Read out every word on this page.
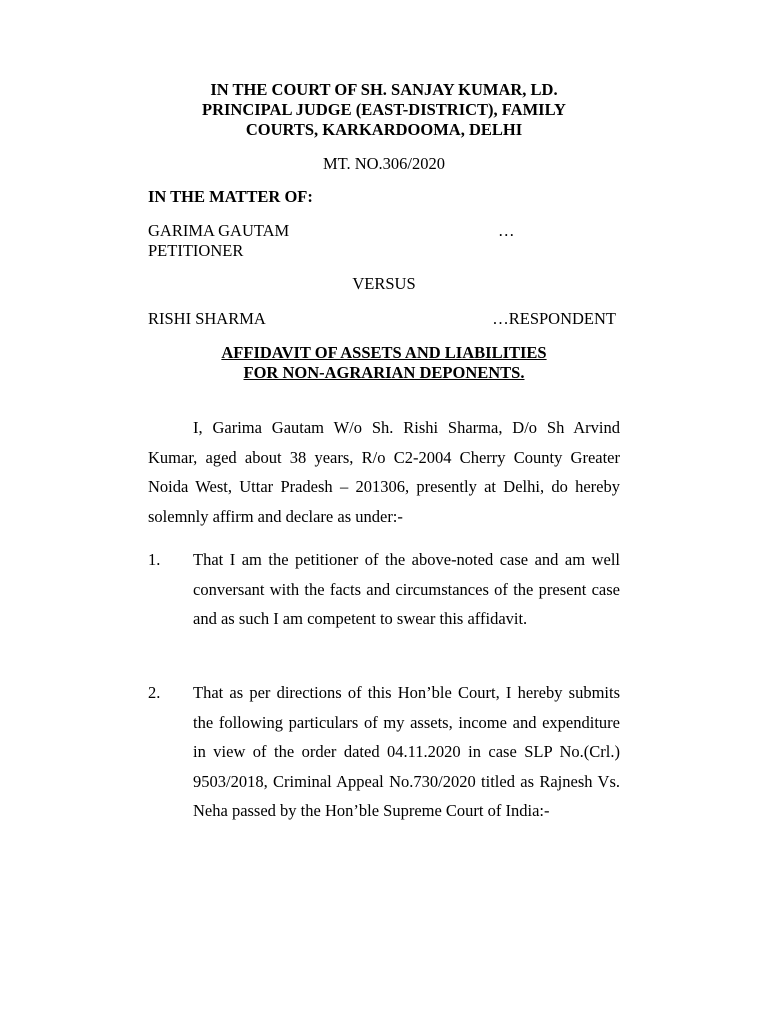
IN THE COURT OF SH. SANJAY KUMAR, LD.
PRINCIPAL JUDGE (EAST-DISTRICT), FAMILY
COURTS, KARKARDOOMA, DELHI
MT. NO.306/2020
IN THE MATTER OF:
GARIMA GAUTAM	…
PETITIONER
VERSUS
RISHI SHARMA	…RESPONDENT
AFFIDAVIT OF ASSETS AND LIABILITIES
FOR NON-AGRARIAN DEPONENTS.
I, Garima Gautam W/o Sh. Rishi Sharma, D/o Sh Arvind Kumar, aged about 38 years, R/o C2-2004 Cherry County Greater Noida West, Uttar Pradesh – 201306, presently at Delhi, do hereby solemnly affirm and declare as under:-
1. That I am the petitioner of the above-noted case and am well conversant with the facts and circumstances of the present case and as such I am competent to swear this affidavit.
2. That as per directions of this Hon’ble Court, I hereby submits the following particulars of my assets, income and expenditure in view of the order dated 04.11.2020 in case SLP No.(Crl.) 9503/2018, Criminal Appeal No.730/2020 titled as Rajnesh Vs. Neha passed by the Hon’ble Supreme Court of India:-
